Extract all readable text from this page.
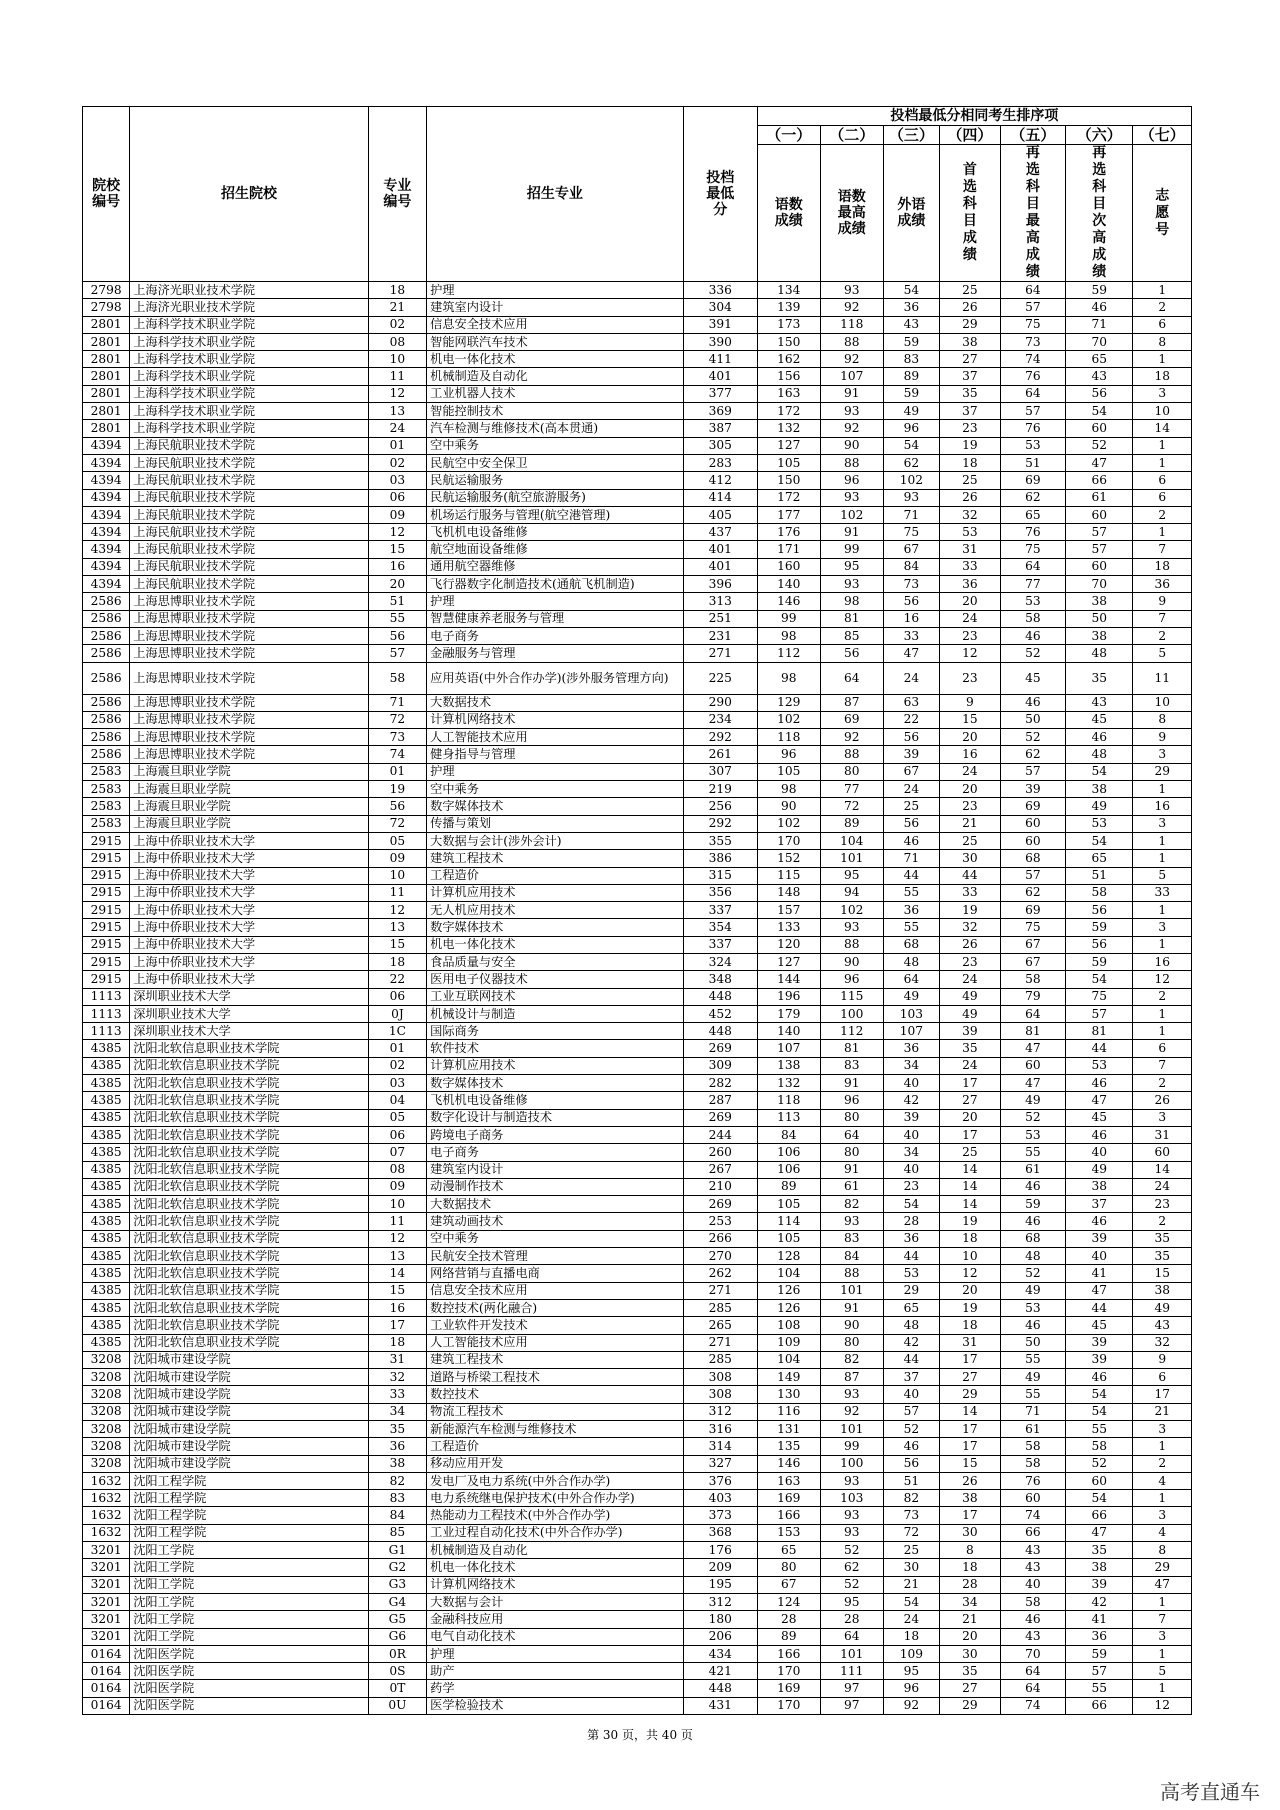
院校编号	招生院校	专业编号	招生专业	投档最低分	投档最低分相同考生排序项						
					（一）	（二）	（三）	（四）	（五）	（六）	（七）
					语数成绩	语数最高成绩	外语成绩	首选科目成绩	再选科目最高成绩	再选科目次高成绩	志愿号
2798	上海济光职业技术学院	18	护理	336	134	93	54	25	64	59	1
2798	上海济光职业技术学院	21	建筑室内设计	304	139	92	36	26	57	46	2
2801	上海科学技术职业学院	02	信息安全技术应用	391	173	118	43	29	75	71	6
2801	上海科学技术职业学院	08	智能网联汽车技术	390	150	88	59	38	73	70	8
2801	上海科学技术职业学院	10	机电一体化技术	411	162	92	83	27	74	65	1
2801	上海科学技术职业学院	11	机械制造及自动化	401	156	107	89	37	76	43	18
2801	上海科学技术职业学院	12	工业机器人技术	377	163	91	59	35	64	56	3
2801	上海科学技术职业学院	13	智能控制技术	369	172	93	49	37	57	54	10
2801	上海科学技术职业学院	24	汽车检测与维修技术(高本贯通)	387	132	92	96	23	76	60	14
4394	上海民航职业技术学院	01	空中乘务	305	127	90	54	19	53	52	1
4394	上海民航职业技术学院	02	民航空中安全保卫	283	105	88	62	18	51	47	1
4394	上海民航职业技术学院	03	民航运输服务	412	150	96	102	25	69	66	6
4394	上海民航职业技术学院	06	民航运输服务(航空旅游服务)	414	172	93	93	26	62	61	6
4394	上海民航职业技术学院	09	机场运行服务与管理(航空港管理)	405	177	102	71	32	65	60	2
4394	上海民航职业技术学院	12	飞机机电设备维修	437	176	91	75	53	76	57	1
4394	上海民航职业技术学院	15	航空地面设备维修	401	171	99	67	31	75	57	7
4394	上海民航职业技术学院	16	通用航空器维修	401	160	95	84	33	64	60	18
4394	上海民航职业技术学院	20	飞行器数字化制造技术(通航飞机制造)	396	140	93	73	36	77	70	36
2586	上海思博职业技术学院	51	护理	313	146	98	56	20	53	38	9
2586	上海思博职业技术学院	55	智慧健康养老服务与管理	251	99	81	16	24	58	50	7
2586	上海思博职业技术学院	56	电子商务	231	98	85	33	23	46	38	2
2586	上海思博职业技术学院	57	金融服务与管理	271	112	56	47	12	52	48	5
2586	上海思博职业技术学院	58	应用英语(中外合作办学)(涉外服务管理方向)	225	98	64	24	23	45	35	11
2586	上海思博职业技术学院	71	大数据技术	290	129	87	63	9	46	43	10
2586	上海思博职业技术学院	72	计算机网络技术	234	102	69	22	15	50	45	8
2586	上海思博职业技术学院	73	人工智能技术应用	292	118	92	56	20	52	46	9
2586	上海思博职业技术学院	74	健身指导与管理	261	96	88	39	16	62	48	3
2583	上海震旦职业学院	01	护理	307	105	80	67	24	57	54	29
2583	上海震旦职业学院	19	空中乘务	219	98	77	24	20	39	38	1
2583	上海震旦职业学院	56	数字媒体技术	256	90	72	25	23	69	49	16
2583	上海震旦职业学院	72	传播与策划	292	102	89	56	21	60	53	3
2915	上海中侨职业技术大学	05	大数据与会计(涉外会计)	355	170	104	46	25	60	54	1
2915	上海中侨职业技术大学	09	建筑工程技术	386	152	101	71	30	68	65	1
2915	上海中侨职业技术大学	10	工程造价	315	115	95	44	44	57	51	5
2915	上海中侨职业技术大学	11	计算机应用技术	356	148	94	55	33	62	58	33
2915	上海中侨职业技术大学	12	无人机应用技术	337	157	102	36	19	69	56	1
2915	上海中侨职业技术大学	13	数字媒体技术	354	133	93	55	32	75	59	3
2915	上海中侨职业技术大学	15	机电一体化技术	337	120	88	68	26	67	56	1
2915	上海中侨职业技术大学	18	食品质量与安全	324	127	90	48	23	67	59	16
2915	上海中侨职业技术大学	22	医用电子仪器技术	348	144	96	64	24	58	54	12
1113	深圳职业技术大学	06	工业互联网技术	448	196	115	49	49	79	75	2
1113	深圳职业技术大学	0J	机械设计与制造	452	179	100	103	49	64	57	1
1113	深圳职业技术大学	1C	国际商务	448	140	112	107	39	81	81	1
4385	沈阳北软信息职业技术学院	01	软件技术	269	107	81	36	35	47	44	6
4385	沈阳北软信息职业技术学院	02	计算机应用技术	309	138	83	34	24	60	53	7
4385	沈阳北软信息职业技术学院	03	数字媒体技术	282	132	91	40	17	47	46	2
4385	沈阳北软信息职业技术学院	04	飞机机电设备维修	287	118	96	42	27	49	47	26
4385	沈阳北软信息职业技术学院	05	数字化设计与制造技术	269	113	80	39	20	52	45	3
4385	沈阳北软信息职业技术学院	06	跨境电子商务	244	84	64	40	17	53	46	31
4385	沈阳北软信息职业技术学院	07	电子商务	260	106	80	34	25	55	40	60
4385	沈阳北软信息职业技术学院	08	建筑室内设计	267	106	91	40	14	61	49	14
4385	沈阳北软信息职业技术学院	09	动漫制作技术	210	89	61	23	14	46	38	24
4385	沈阳北软信息职业技术学院	10	大数据技术	269	105	82	54	14	59	37	23
4385	沈阳北软信息职业技术学院	11	建筑动画技术	253	114	93	28	19	46	46	2
4385	沈阳北软信息职业技术学院	12	空中乘务	266	105	83	36	18	68	39	35
4385	沈阳北软信息职业技术学院	13	民航安全技术管理	270	128	84	44	10	48	40	35
4385	沈阳北软信息职业技术学院	14	网络营销与直播电商	262	104	88	53	12	52	41	15
4385	沈阳北软信息职业技术学院	15	信息安全技术应用	271	126	101	29	20	49	47	38
4385	沈阳北软信息职业技术学院	16	数控技术(两化融合)	285	126	91	65	19	53	44	49
4385	沈阳北软信息职业技术学院	17	工业软件开发技术	265	108	90	48	18	46	45	43
4385	沈阳北软信息职业技术学院	18	人工智能技术应用	271	109	80	42	31	50	39	32
3208	沈阳城市建设学院	31	建筑工程技术	285	104	82	44	17	55	39	9
3208	沈阳城市建设学院	32	道路与桥梁工程技术	308	149	87	37	27	49	46	6
3208	沈阳城市建设学院	33	数控技术	308	130	93	40	29	55	54	17
3208	沈阳城市建设学院	34	物流工程技术	312	116	92	57	14	71	54	21
3208	沈阳城市建设学院	35	新能源汽车检测与维修技术	316	131	101	52	17	61	55	3
3208	沈阳城市建设学院	36	工程造价	314	135	99	46	17	58	58	1
3208	沈阳城市建设学院	38	移动应用开发	327	146	100	56	15	58	52	2
1632	沈阳工程学院	82	发电厂及电力系统(中外合作办学)	376	163	93	51	26	76	60	4
1632	沈阳工程学院	83	电力系统继电保护技术(中外合作办学)	403	169	103	82	38	60	54	1
1632	沈阳工程学院	84	热能动力工程技术(中外合作办学)	373	166	93	73	17	74	66	3
1632	沈阳工程学院	85	工业过程自动化技术(中外合作办学)	368	153	93	72	30	66	47	4
3201	沈阳工学院	G1	机械制造及自动化	176	65	52	25	8	43	35	8
3201	沈阳工学院	G2	机电一体化技术	209	80	62	30	18	43	38	29
3201	沈阳工学院	G3	计算机网络技术	195	67	52	21	28	40	39	47
3201	沈阳工学院	G4	大数据与会计	312	124	95	54	34	58	42	1
3201	沈阳工学院	G5	金融科技应用	180	28	28	24	21	46	41	7
3201	沈阳工学院	G6	电气自动化技术	206	89	64	18	20	43	36	3
0164	沈阳医学院	0R	护理	434	166	101	109	30	70	59	1
0164	沈阳医学院	0S	助产	421	170	111	95	35	64	57	5
0164	沈阳医学院	0T	药学	448	169	97	96	27	64	55	1
0164	沈阳医学院	0U	医学检验技术	431	170	97	92	29	74	66	12
第 30 页，共 40 页
高考直通车
